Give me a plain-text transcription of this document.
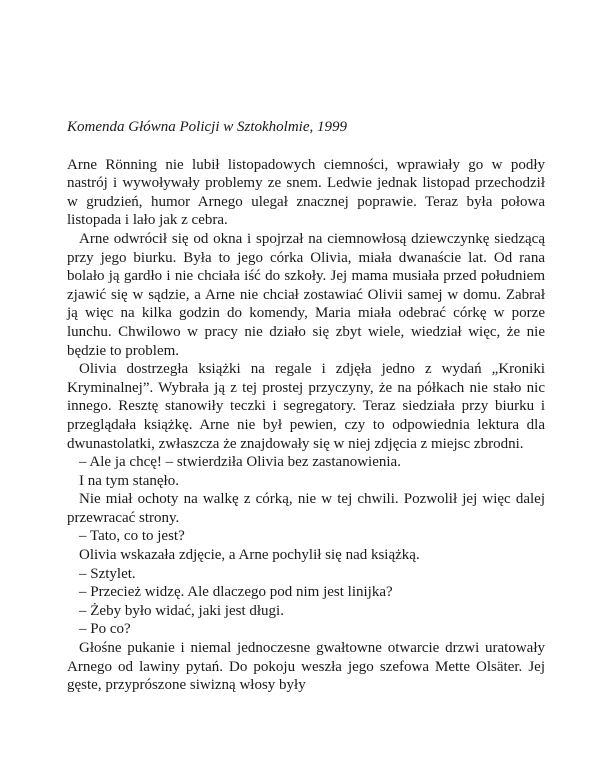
Komenda Główna Policji w Sztokholmie, 1999

Arne Rönning nie lubił listopadowych ciemności, wprawiały go w podły nastrój i wywoływały problemy ze snem. Ledwie jednak listopad przechodził w grudzień, humor Arnego ulegał znacznej poprawie. Teraz była połowa listopada i lało jak z cebra.

Arne odwrócił się od okna i spojrzał na ciemnowłosą dziewczynkę siedzącą przy jego biurku. Była to jego córka Olivia, miała dwanaście lat. Od rana bolało ją gardło i nie chciała iść do szkoły. Jej mama musiała przed południem zjawić się w sądzie, a Arne nie chciał zostawiać Olivii samej w domu. Zabrał ją więc na kilka godzin do komendy, Maria miała odebrać córkę w porze lunchu. Chwilowo w pracy nie działo się zbyt wiele, wiedział więc, że nie będzie to problem.

Olivia dostrzegła książki na regale i zdjęła jedno z wydań „Kroniki Kryminalnej”. Wybrała ją z tej prostej przyczyny, że na półkach nie stało nic innego. Resztę stanowiły teczki i segregatory. Teraz siedziała przy biurku i przeglądała książkę. Arne nie był pewien, czy to odpowiednia lektura dla dwunastolatki, zwłaszcza że znajdowały się w niej zdjęcia z miejsc zbrodni.

– Ale ja chcę! – stwierdziła Olivia bez zastanowienia.

I na tym stanęło.

Nie miał ochoty na walkę z córką, nie w tej chwili. Pozwolił jej więc dalej przewracać strony.

– Tato, co to jest?

Olivia wskazała zdjęcie, a Arne pochylił się nad książką.

– Sztylet.

– Przecież widzę. Ale dlaczego pod nim jest linijka?

– Żeby było widać, jaki jest długi.

– Po co?

Głośne pukanie i niemal jednoczesne gwałtowne otwarcie drzwi uratowały Arnego od lawiny pytań. Do pokoju weszła jego szefowa Mette Olsäter. Jej gęste, przyprószone siwizną włosy były
